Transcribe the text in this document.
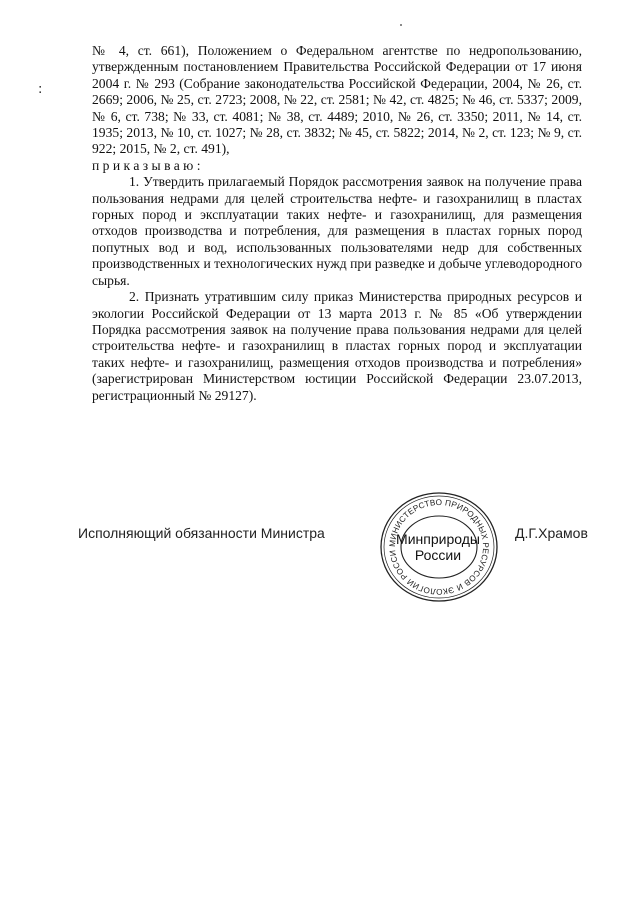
:

№ 4, ст. 661), Положением о Федеральном агентстве по недропользованию, утвержденным постановлением Правительства Российской Федерации от 17 июня 2004 г. № 293 (Собрание законодательства Российской Федерации, 2004, № 26, ст. 2669; 2006, № 25, ст. 2723; 2008, № 22, ст. 2581; № 42, ст. 4825; № 46, ст. 5337; 2009, № 6, ст. 738; № 33, ст. 4081; № 38, ст. 4489; 2010, № 26, ст. 3350; 2011, № 14, ст. 1935; 2013, № 10, ст. 1027; № 28, ст. 3832; № 45, ст. 5822; 2014, № 2, ст. 123; № 9, ст. 922; 2015, № 2, ст. 491),
приказываю:

1. Утвердить прилагаемый Порядок рассмотрения заявок на получение права пользования недрами для целей строительства нефте- и газохранилищ в пластах горных пород и эксплуатации таких нефте- и газохранилищ, для размещения отходов производства и потребления, для размещения в пластах горных пород попутных вод и вод, использованных пользователями недр для собственных производственных и технологических нужд при разведке и добыче углеводородного сырья.

2. Признать утратившим силу приказ Министерства природных ресурсов и экологии Российской Федерации от 13 марта 2013 г. № 85 «Об утверждении Порядка рассмотрения заявок на получение права пользования недрами для целей строительства нефте- и газохранилищ в пластах горных пород и эксплуатации таких нефте- и газохранилищ, размещения отходов производства и потребления» (зарегистрирован Министерством юстиции Российской Федерации 23.07.2013, регистрационный № 29127).

Исполняющий обязанности Министра
МИНИСТЕРСТВО ПРИРОДНЫХ РЕСУРСОВ И ЭКОЛОГИИ РОССИ
Минприроды
России
Д.Г.Храмов
